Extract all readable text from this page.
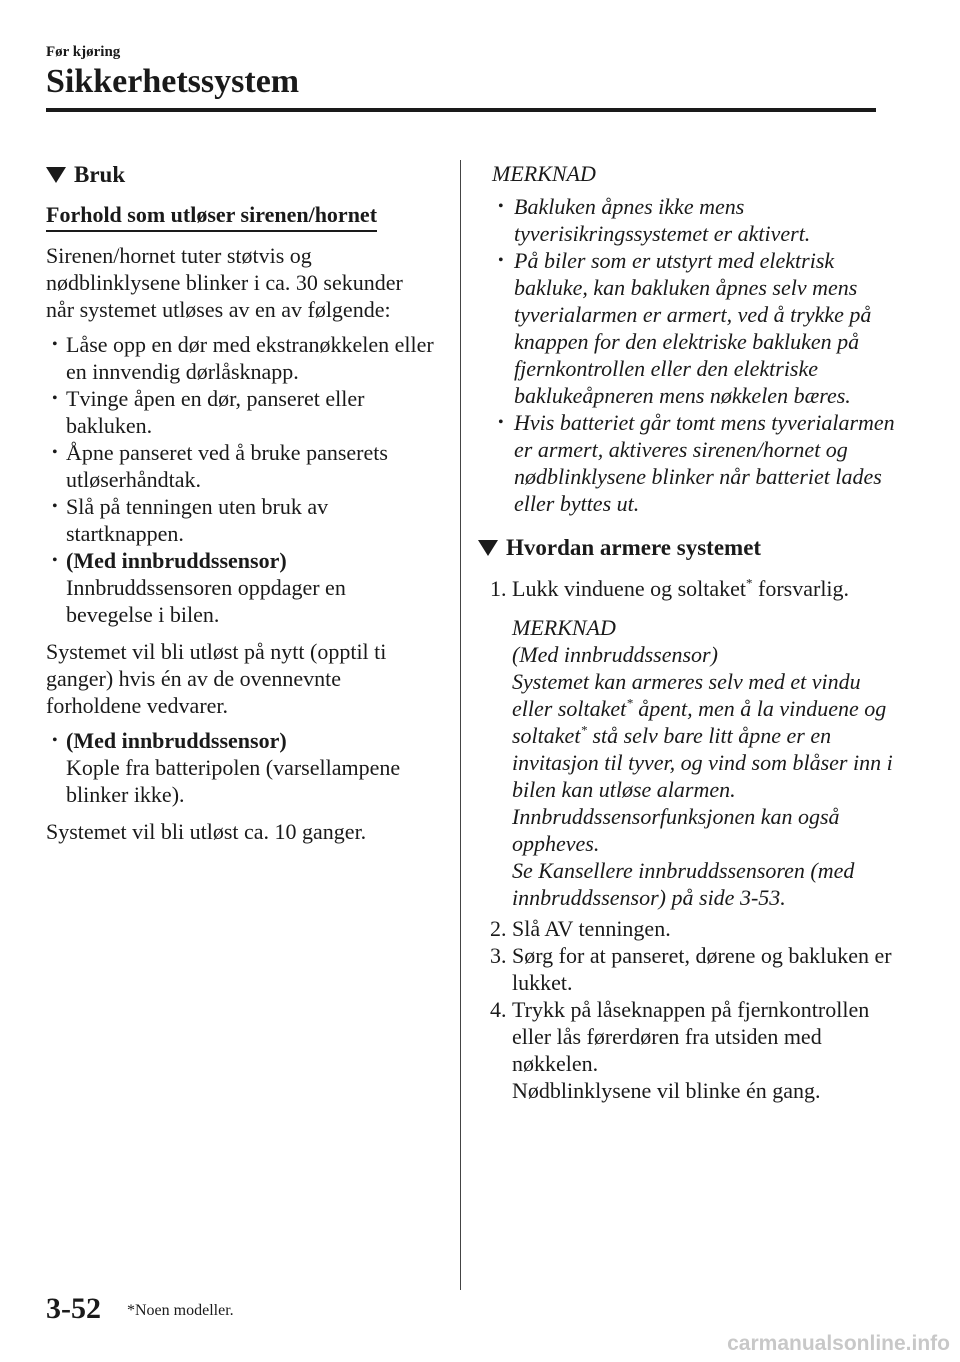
Før kjøring
Sikkerhetssystem
Bruk
Forhold som utløser sirenen/hornet

Sirenen/hornet tuter støtvis og nødblinklysene blinker i ca. 30 sekunder når systemet utløses av en av følgende:

• Låse opp en dør med ekstranøkkelen eller en innvendig dørlåsknapp.
• Tvinge åpen en dør, panseret eller bakluken.
• Åpne panseret ved å bruke panserets utløserhåndtak.
• Slå på tenningen uten bruk av startknappen.
• (Med innbruddssensor)
Innbruddssensoren oppdager en bevegelse i bilen.

Systemet vil bli utløst på nytt (opptil ti ganger) hvis én av de ovennevnte forholdene vedvarer.

• (Med innbruddssensor)
Kople fra batteripolen (varsellampene blinker ikke).

Systemet vil bli utløst ca. 10 ganger.

MERKNAD

• Bakluken åpnes ikke mens tyverisikringssystemet er aktivert.
• På biler som er utstyrt med elektrisk bakluke, kan bakluken åpnes selv mens tyverialarmen er armert, ved å trykke på knappen for den elektriske bakluken på fjernkontrollen eller den elektriske baklukeåpneren mens nøkkelen bæres.
• Hvis batteriet går tomt mens tyverialarmen er armert, aktiveres sirenen/hornet og nødblinklysene blinker når batteriet lades eller byttes ut.
Hvordan armere systemet
1. Lukk vinduene og soltaket* forsvarlig.
MERKNAD
(Med innbruddssensor)
Systemet kan armeres selv med et vindu eller soltaket* åpent, men å la vinduene og soltaket* stå selv bare litt åpne er en invitasjon til tyver, og vind som blåser inn i bilen kan utløse alarmen.
Innbruddssensorfunksjonen kan også oppheves.
Se Kansellere innbruddssensoren (med innbruddssensor) på side 3-53.
2. Slå AV tenningen.
3. Sørg for at panseret, dørene og bakluken er lukket.
4. Trykk på låseknappen på fjernkontrollen eller lås førerdøren fra utsiden med nøkkelen.
Nødblinklysene vil blinke én gang.
3-52 *Noen modeller.
carmanualsonline.info
